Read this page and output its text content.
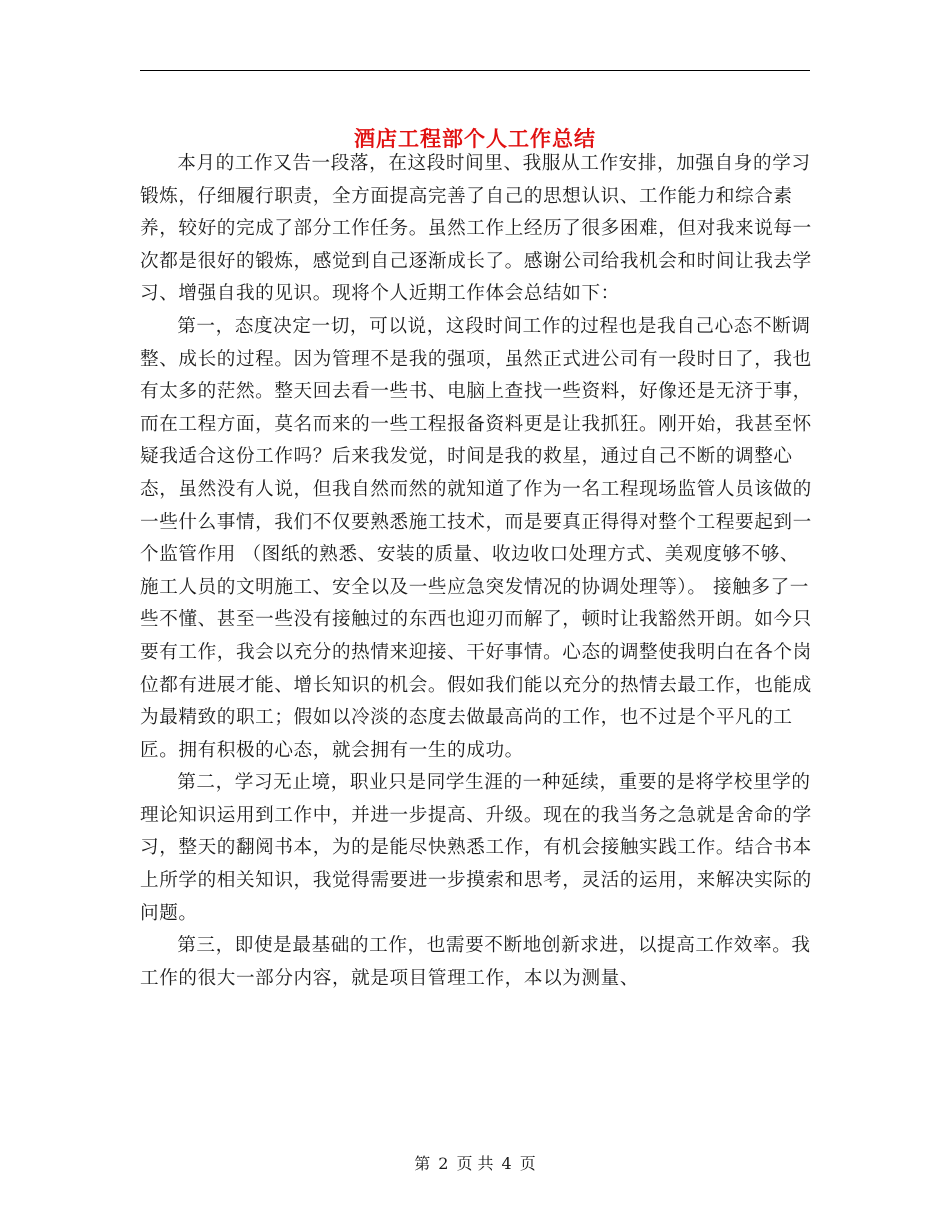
酒店工程部个人工作总结

本月的工作又告一段落，在这段时间里、我服从工作安排，加强自身的学习锻炼，仔细履行职责，全方面提高完善了自己的思想认识、工作能力和综合素养，较好的完成了部分工作任务。虽然工作上经历了很多困难，但对我来说每一次都是很好的锻炼，感觉到自己逐渐成长了。感谢公司给我机会和时间让我去学习、增强自我的见识。现将个人近期工作体会总结如下：

第一，态度决定一切，可以说，这段时间工作的过程也是我自己心态不断调整、成长的过程。因为管理不是我的强项，虽然正式进公司有一段时日了，我也有太多的茫然。整天回去看一些书、电脑上查找一些资料，好像还是无济于事，而在工程方面，莫名而来的一些工程报备资料更是让我抓狂。刚开始，我甚至怀疑我适合这份工作吗？后来我发觉，时间是我的救星，通过自己不断的调整心态，虽然没有人说，但我自然而然的就知道了作为一名工程现场监管人员该做的一些什么事情，我们不仅要熟悉施工技术，而是要真正得得对整个工程要起到一个监管作用 （图纸的熟悉、安装的质量、收边收口处理方式、美观度够不够、施工人员的文明施工、安全以及一些应急突发情况的协调处理等）。 接触多了一些不懂、甚至一些没有接触过的东西也迎刃而解了，顿时让我豁然开朗。如今只要有工作，我会以充分的热情来迎接、干好事情。心态的调整使我明白在各个岗位都有进展才能、增长知识的机会。假如我们能以充分的热情去最工作，也能成为最精致的职工；假如以冷淡的态度去做最高尚的工作，也不过是个平凡的工匠。拥有积极的心态，就会拥有一生的成功。

第二，学习无止境，职业只是同学生涯的一种延续，重要的是将学校里学的理论知识运用到工作中，并进一步提高、升级。现在的我当务之急就是舍命的学习，整天的翻阅书本，为的是能尽快熟悉工作，有机会接触实践工作。结合书本上所学的相关知识，我觉得需要进一步摸索和思考，灵活的运用，来解决实际的问题。

第三，即使是最基础的工作，也需要不断地创新求进，以提高工作效率。我工作的很大一部分内容，就是项目管理工作，本以为测量、

第 2 页 共 4 页
